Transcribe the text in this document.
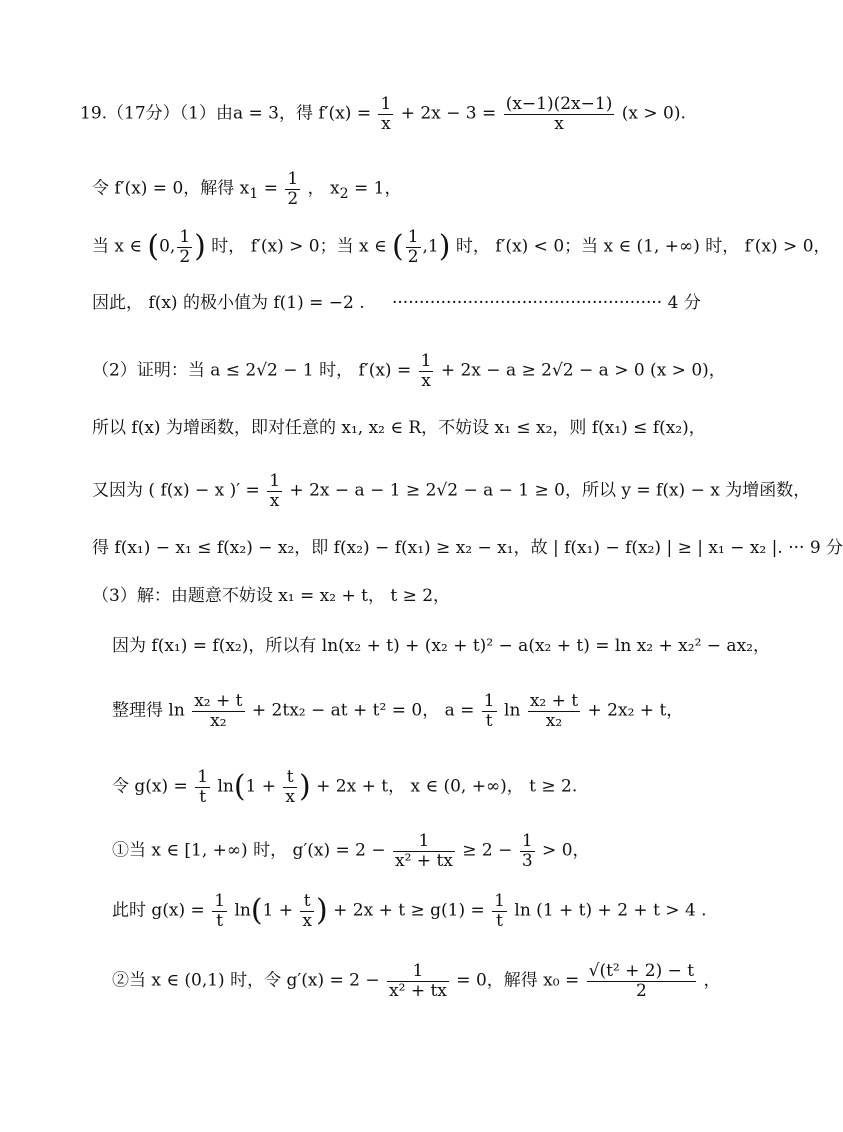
19.（17分）（1）由a = 3，得 $f'(x) = \frac{1}{x} + 2x - 3 = \frac{(x-1)(2x-1)}{x} (x > 0)$.
令 f′(x) = 0，解得 $x_1 = \frac{1}{2}$ ， $x_2 = 1$，
当 x ∈ (0, $\frac{1}{2}$ ) 时， f′(x) > 0；当 x ∈ ( $\frac{1}{2} ,1$) 时， f′(x) < 0；当 x ∈ (1, +∞) 时， f′(x) > 0，
因此， f(x) 的极小值为 f(1) = −2 . ·················································· 4 分
（2）证明：当 a ≤ 2√2 − 1 时， $f'(x) = \frac{1}{x} + 2x - a \ge 2√2 - a > 0$ (x > 0)，
所以 f(x) 为增函数，即对任意的 x₁, x₂ ∈ R，不妨设 x₁ ≤ x₂，则 f(x₁) ≤ f(x₂)，
又因为 ( f(x) − x )′ = $\frac{1}{x} + 2x - a - 1 \ge 2√2 - a - 1 \ge 0$，所以 y = f(x) − x 为增函数，
得 f(x₁) − x₁ ≤ f(x₂) − x₂，即 f(x₂) − f(x₁) ≥ x₂ − x₁，故 | f(x₁) − f(x₂) | ≥ | x₁ − x₂ |. ··· 9 分
（3）解：由题意不妨设 x₁ = x₂ + t， t ≥ 2，
因为 f(x₁) = f(x₂)，所以有 ln(x₂ + t) + (x₂ + t)² − a(x₂ + t) = ln x₂ + x₂² − ax₂，
整理得 $\ln \frac{\text{x₂ + t}}{\text{x₂}} + 2tx_2$ − at + t² = 0， $a = \frac{1}{t}$ $\ln \frac{\text{x₂ + t}}{\text{x₂}} + 2x_2 + t$，
令 $g(x) = \frac{1}{t} \ln(1 + \frac{t}{x}$ ) + 2x + t， x ∈ (0, +∞)， t ≥ 2.
①当 x ∈ [1, +∞) 时， $g'(x) = 2 - \frac{1}{\text{x² + tx}} \ge 2 - \frac{1}{3} > 0$，
此时 $g(x) = \frac{1}{t} \ln(1 + \frac{t}{x}$ ) + $2x + t \ge g(1) = \frac{1}{t}$ ln (1 + t) + 2 + t > 4 .
②当 x ∈ (0,1) 时，令 $g'(x) = 2 - \frac{1}{\text{x² + tx}} = 0$，解得 $x_0 = \frac{\text{√(t² + 2) − t}}{2}$ ，
